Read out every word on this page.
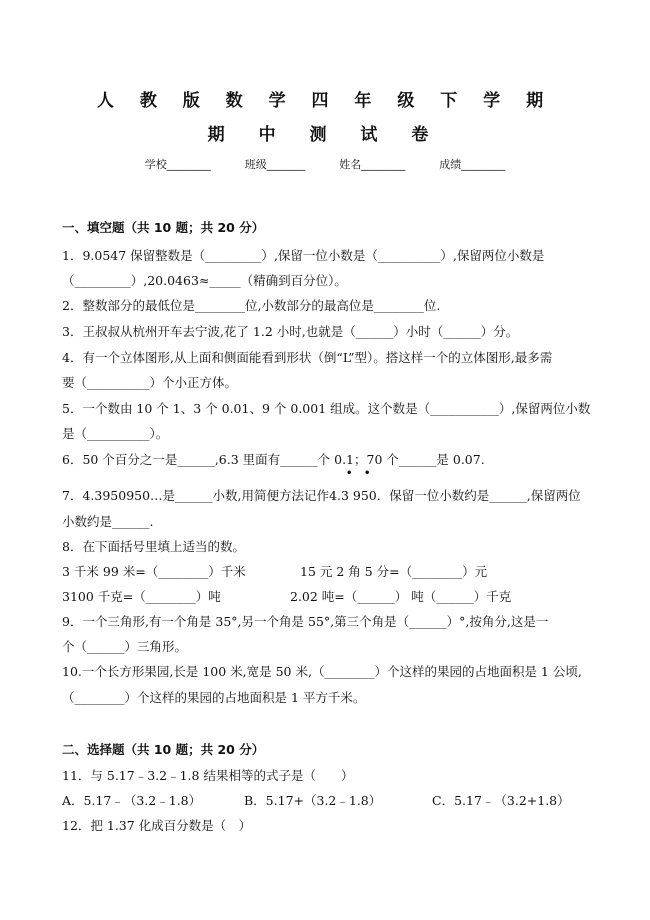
人 教 版 数 学 四 年 级 下 学 期
期 中 测 试 卷
学校________	班级_______	姓名________	成绩________
一、填空题（共 10 题；共 20 分）
1．9.0547 保留整数是（_________）,保留一位小数是（__________）,保留两位小数是
（_________）,20.0463≈_____（精确到百分位）。
2．整数部分的最低位是________位,小数部分的最高位是________位.
3．王叔叔从杭州开车去宁波,花了 1.2 小时,也就是（______）小时（______）分。
4．有一个立体图形,从上面和侧面能看到形状（倒“L”型）。搭这样一个的立体图形,最多需
要（__________）个小正方体。
5．一个数由 10 个 1、3 个 0.01、9 个 0.001 组成。这个数是（___________）,保留两位小数
是（__________）。
6．50 个百分之一是______,6.3 里面有______个 0.1；70 个______是 0.07.
• •
7．4.3950950…是______小数,用简便方法记作4.3 950．保留一位小数约是______,保留两位
小数约是______.
8．在下面括号里填上适当的数。
3 千米 99 米=（________）千米	15 元 2 角 5 分=（________）元
3100 千克=（________）吨	2.02 吨=（______） 吨（______）千克
9．一个三角形,有一个角是 35°,另一个角是 55°,第三个角是（______）°,按角分,这是一
个（______）三角形。
10.一个长方形果园,长是 100 米,宽是 50 米,（________）个这样的果园的占地面积是 1 公顷,
（________）个这样的果园的占地面积是 1 平方千米。
二、选择题（共 10 题；共 20 分）
11．与 5.17﹣3.2﹣1.8 结果相等的式子是（　　）
A．5.17﹣（3.2﹣1.8）	B．5.17+（3.2﹣1.8）	C．5.17﹣（3.2+1.8）
12．把 1.37 化成百分数是（　）
